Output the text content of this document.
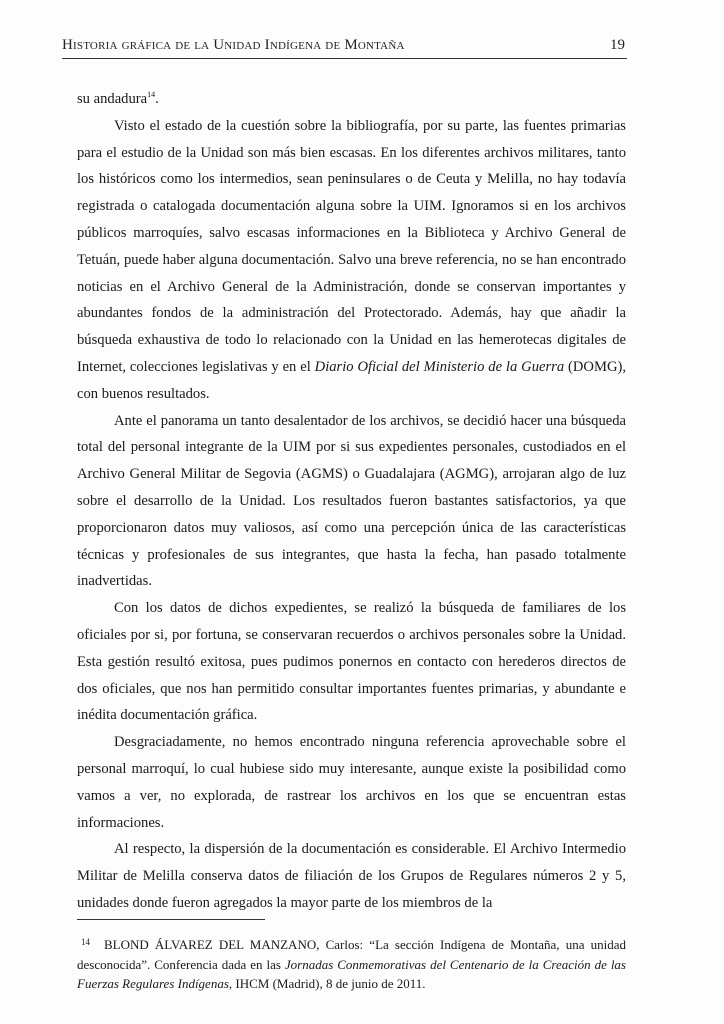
Historia gráfica de la Unidad Indígena de Montaña	19

su andadura$^{14}$.

Visto el estado de la cuestión sobre la bibliografía, por su parte, las fuentes primarias para el estudio de la Unidad son más bien escasas. En los diferentes archivos militares, tanto los históricos como los intermedios, sean peninsulares o de Ceuta y Melilla, no hay todavía registrada o catalogada documentación alguna sobre la UIM. Ignoramos si en los archivos públicos marroquíes, salvo escasas informaciones en la Biblioteca y Archivo General de Tetuán, puede haber alguna documentación. Salvo una breve referencia, no se han encontrado noticias en el Archivo General de la Administración, donde se conservan importantes y abundantes fondos de la administración del Protectorado. Además, hay que añadir la búsqueda exhaustiva de todo lo relacionado con la Unidad en las hemerotecas digitales de Internet, colecciones legislativas y en el Diario Oficial del Ministerio de la Guerra (DOMG), con buenos resultados.

Ante el panorama un tanto desalentador de los archivos, se decidió hacer una búsqueda total del personal integrante de la UIM por si sus expedientes personales, custodiados en el Archivo General Militar de Segovia (AGMS) o Guadalajara (AGMG), arrojaran algo de luz sobre el desarrollo de la Unidad. Los resultados fueron bastantes satisfactorios, ya que proporcionaron datos muy valiosos, así como una percepción única de las características técnicas y profesionales de sus integrantes, que hasta la fecha, han pasado totalmente inadvertidas.

Con los datos de dichos expedientes, se realizó la búsqueda de familiares de los oficiales por si, por fortuna, se conservaran recuerdos o archivos personales sobre la Unidad. Esta gestión resultó exitosa, pues pudimos ponernos en contacto con herederos directos de dos oficiales, que nos han permitido consultar importantes fuentes primarias, y abundante e inédita documentación gráfica.

Desgraciadamente, no hemos encontrado ninguna referencia aprovechable sobre el personal marroquí, lo cual hubiese sido muy interesante, aunque existe la posibilidad como vamos a ver, no explorada, de rastrear los archivos en los que se encuentran estas informaciones.

Al respecto, la dispersión de la documentación es considerable. El Archivo Intermedio Militar de Melilla conserva datos de filiación de los Grupos de Regulares números 2 y 5, unidades donde fueron agregados la mayor parte de los miembros de la

$^{14}$ BLOND ÁLVAREZ DEL MANZANO, Carlos: “La sección Indígena de Montaña, una unidad desconocida”. Conferencia dada en las Jornadas Conmemorativas del Centenario de la Creación de las Fuerzas Regulares Indígenas, IHCM (Madrid), 8 de junio de 2011.
